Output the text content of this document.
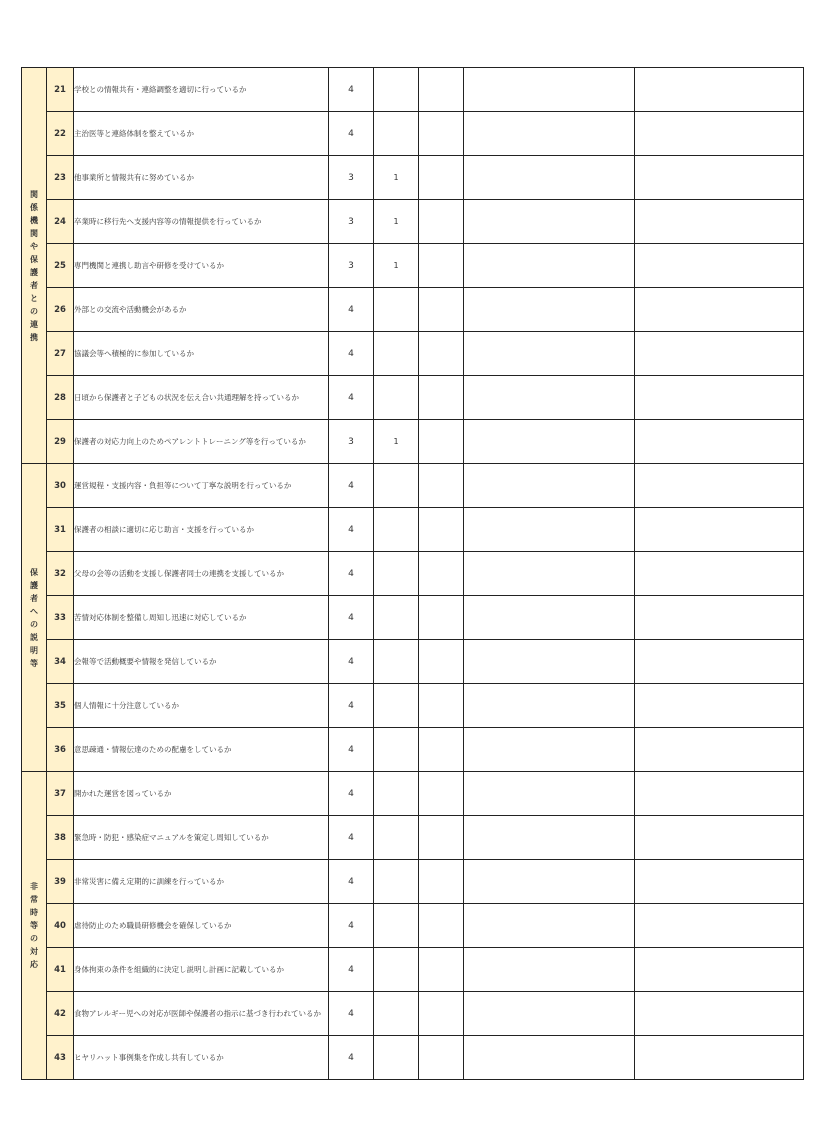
関係機関や保護者との連携	21	学校との情報共有・連絡調整を適切に行っているか	4				
	22	主治医等と連絡体制を整えているか	4				
	23	他事業所と情報共有に努めているか	3	1			
	24	卒業時に移行先へ支援内容等の情報提供を行っているか	3	1			
	25	専門機関と連携し助言や研修を受けているか	3	1			
	26	外部との交流や活動機会があるか	4				
	27	協議会等へ積極的に参加しているか	4				
	28	日頃から保護者と子どもの状況を伝え合い共通理解を持っているか	4				
	29	保護者の対応力向上のためペアレントトレーニング等を行っているか	3	1			
保護者への説明等	30	運営規程・支援内容・負担等について丁寧な説明を行っているか	4				
	31	保護者の相談に適切に応じ助言・支援を行っているか	4				
	32	父母の会等の活動を支援し保護者同士の連携を支援しているか	4				
	33	苦情対応体制を整備し周知し迅速に対応しているか	4				
	34	会報等で活動概要や情報を発信しているか	4				
	35	個人情報に十分注意しているか	4				
	36	意思疎通・情報伝達のための配慮をしているか	4				
非常時等の対応	37	開かれた運営を図っているか	4				
	38	緊急時・防犯・感染症マニュアルを策定し周知しているか	4				
	39	非常災害に備え定期的に訓練を行っているか	4				
	40	虐待防止のため職員研修機会を確保しているか	4				
	41	身体拘束の条件を組織的に決定し説明し計画に記載しているか	4				
	42	食物アレルギー児への対応が医師や保護者の指示に基づき行われているか	4				
	43	ヒヤリハット事例集を作成し共有しているか	4				
